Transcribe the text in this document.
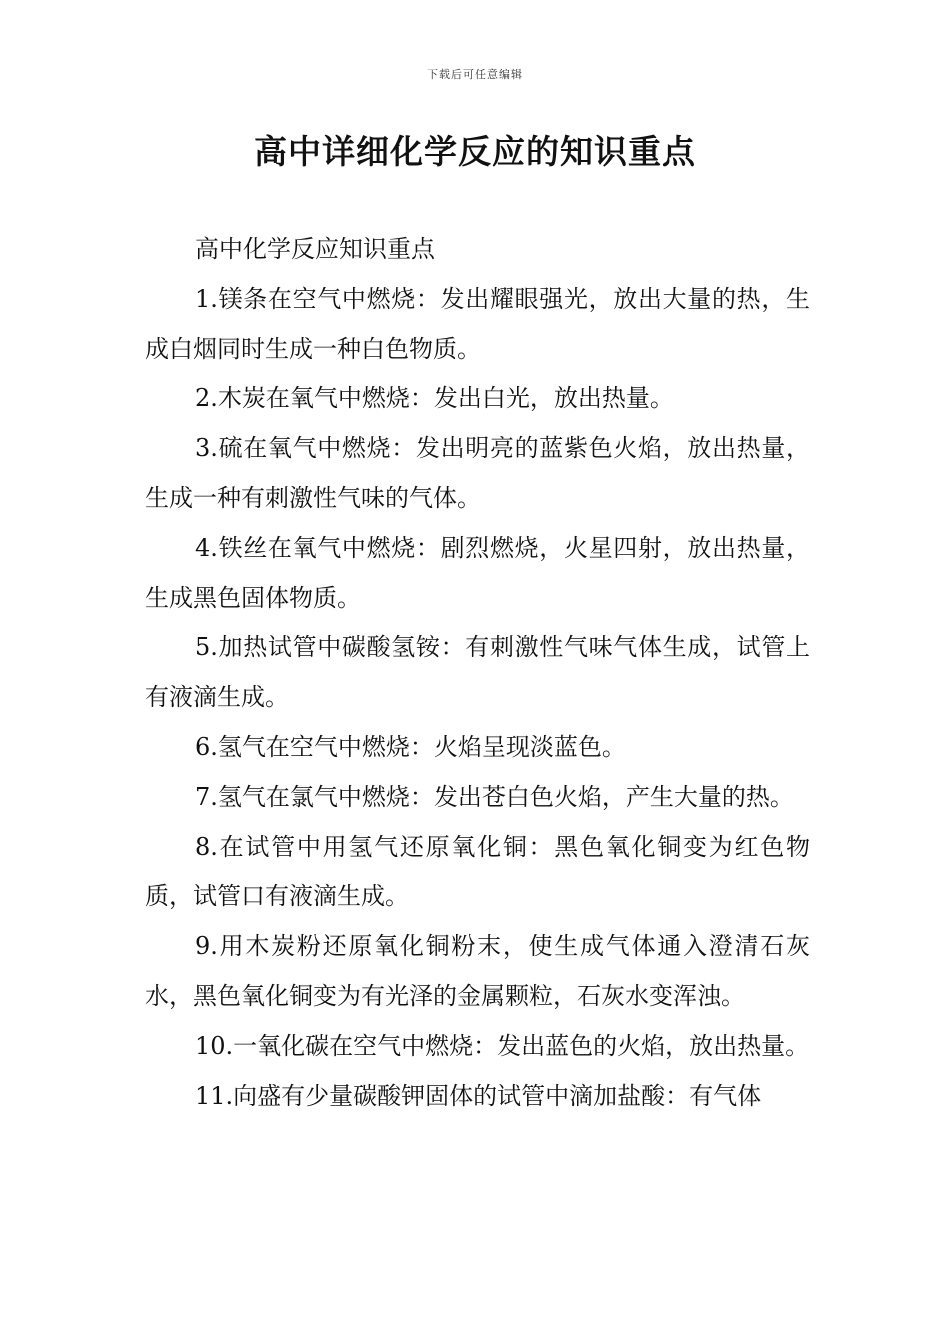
下载后可任意编辑
高中详细化学反应的知识重点

高中化学反应知识重点

1.镁条在空气中燃烧：发出耀眼强光，放出大量的热，生成白烟同时生成一种白色物质。

2.木炭在氧气中燃烧：发出白光，放出热量。

3.硫在氧气中燃烧：发出明亮的蓝紫色火焰，放出热量，生成一种有刺激性气味的气体。

4.铁丝在氧气中燃烧：剧烈燃烧，火星四射，放出热量，生成黑色固体物质。

5.加热试管中碳酸氢铵：有刺激性气味气体生成，试管上有液滴生成。

6.氢气在空气中燃烧：火焰呈现淡蓝色。

7.氢气在氯气中燃烧：发出苍白色火焰，产生大量的热。

8.在试管中用氢气还原氧化铜：黑色氧化铜变为红色物质，试管口有液滴生成。

9.用木炭粉还原氧化铜粉末，使生成气体通入澄清石灰水，黑色氧化铜变为有光泽的金属颗粒，石灰水变浑浊。

10.一氧化碳在空气中燃烧：发出蓝色的火焰，放出热量。

11.向盛有少量碳酸钾固体的试管中滴加盐酸：有气体
